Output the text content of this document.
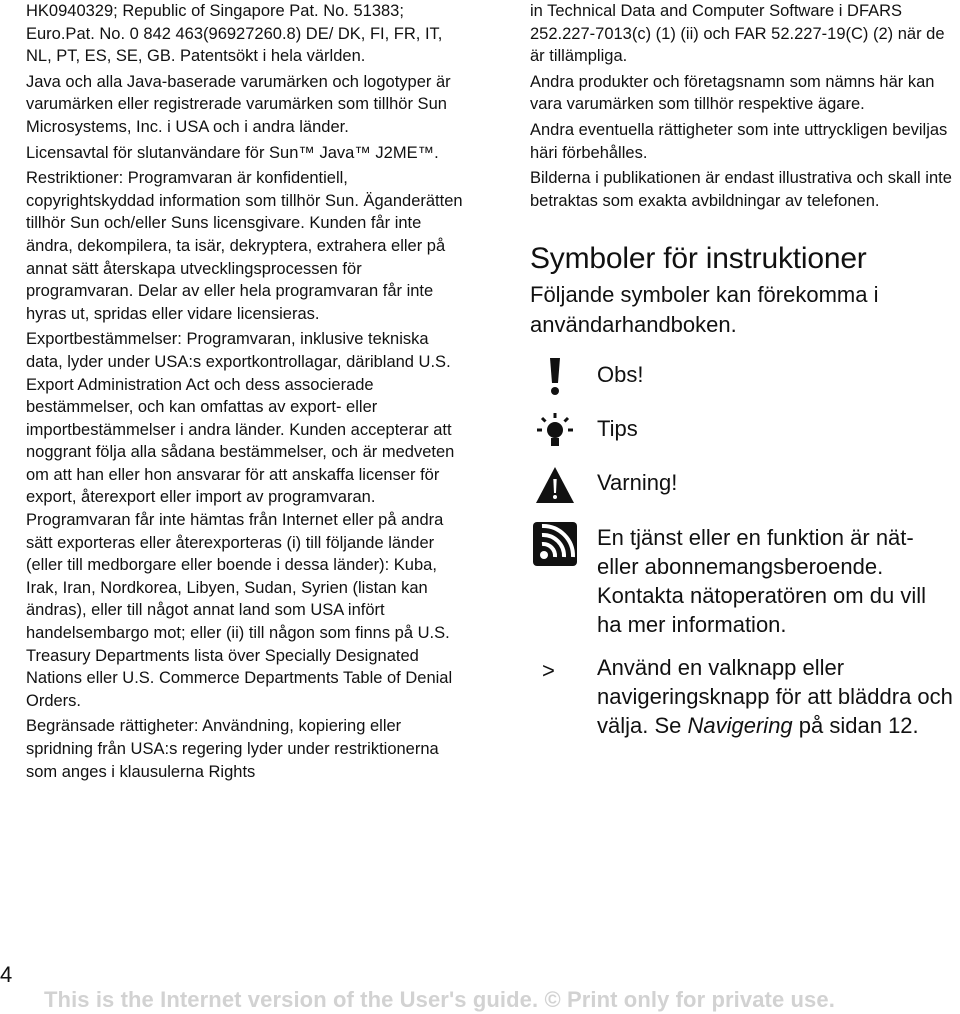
HK0940329; Republic of Singapore Pat. No. 51383; Euro.Pat. No. 0 842 463(96927260.8) DE/ DK, FI, FR, IT, NL, PT, ES, SE, GB. Patentsökt i hela världen.

Java och alla Java-baserade varumärken och logotyper är varumärken eller registrerade varumärken som tillhör Sun Microsystems, Inc. i USA och i andra länder.

Licensavtal för slutanvändare för Sun™ Java™ J2ME™.

Restriktioner: Programvaran är konfidentiell, copyrightskyddad information som tillhör Sun. Äganderätten tillhör Sun och/eller Suns licensgivare. Kunden får inte ändra, dekompilera, ta isär, dekryptera, extrahera eller på annat sätt återskapa utvecklingsprocessen för programvaran. Delar av eller hela programvaran får inte hyras ut, spridas eller vidare licensieras.

Exportbestämmelser: Programvaran, inklusive tekniska data, lyder under USA:s exportkontrollagar, däribland U.S. Export Administration Act och dess associerade bestämmelser, och kan omfattas av export- eller importbestämmelser i andra länder. Kunden accepterar att noggrant följa alla sådana bestämmelser, och är medveten om att han eller hon ansvarar för att anskaffa licenser för export, återexport eller import av programvaran. Programvaran får inte hämtas från Internet eller på andra sätt exporteras eller återexporteras (i) till följande länder (eller till medborgare eller boende i dessa länder): Kuba, Irak, Iran, Nordkorea, Libyen, Sudan, Syrien (listan kan ändras), eller till något annat land som USA infört handelsembargo mot; eller (ii) till någon som finns på U.S. Treasury Departments lista över Specially Designated Nations eller U.S. Commerce Departments Table of Denial Orders.

Begränsade rättigheter: Användning, kopiering eller spridning från USA:s regering lyder under restriktionerna som anges i klausulerna Rights

in Technical Data and Computer Software i DFARS 252.227-7013(c) (1) (ii) och FAR 52.227-19(C) (2) när de är tillämpliga.

Andra produkter och företagsnamn som nämns här kan vara varumärken som tillhör respektive ägare.

Andra eventuella rättigheter som inte uttryckligen beviljas häri förbehålles.

Bilderna i publikationen är endast illustrativa och skall inte betraktas som exakta avbildningar av telefonen.

Symboler för instruktioner

Följande symboler kan förekomma i användarhandboken.

Obs!
Tips
Varning!
En tjänst eller en funktion är nät- eller abonnemangsberoende. Kontakta nätoperatören om du vill ha mer information.
> Använd en valknapp eller navigeringsknapp för att bläddra och välja. Se Navigering på sidan 12.
4
This is the Internet version of the User's guide. © Print only for private use.
